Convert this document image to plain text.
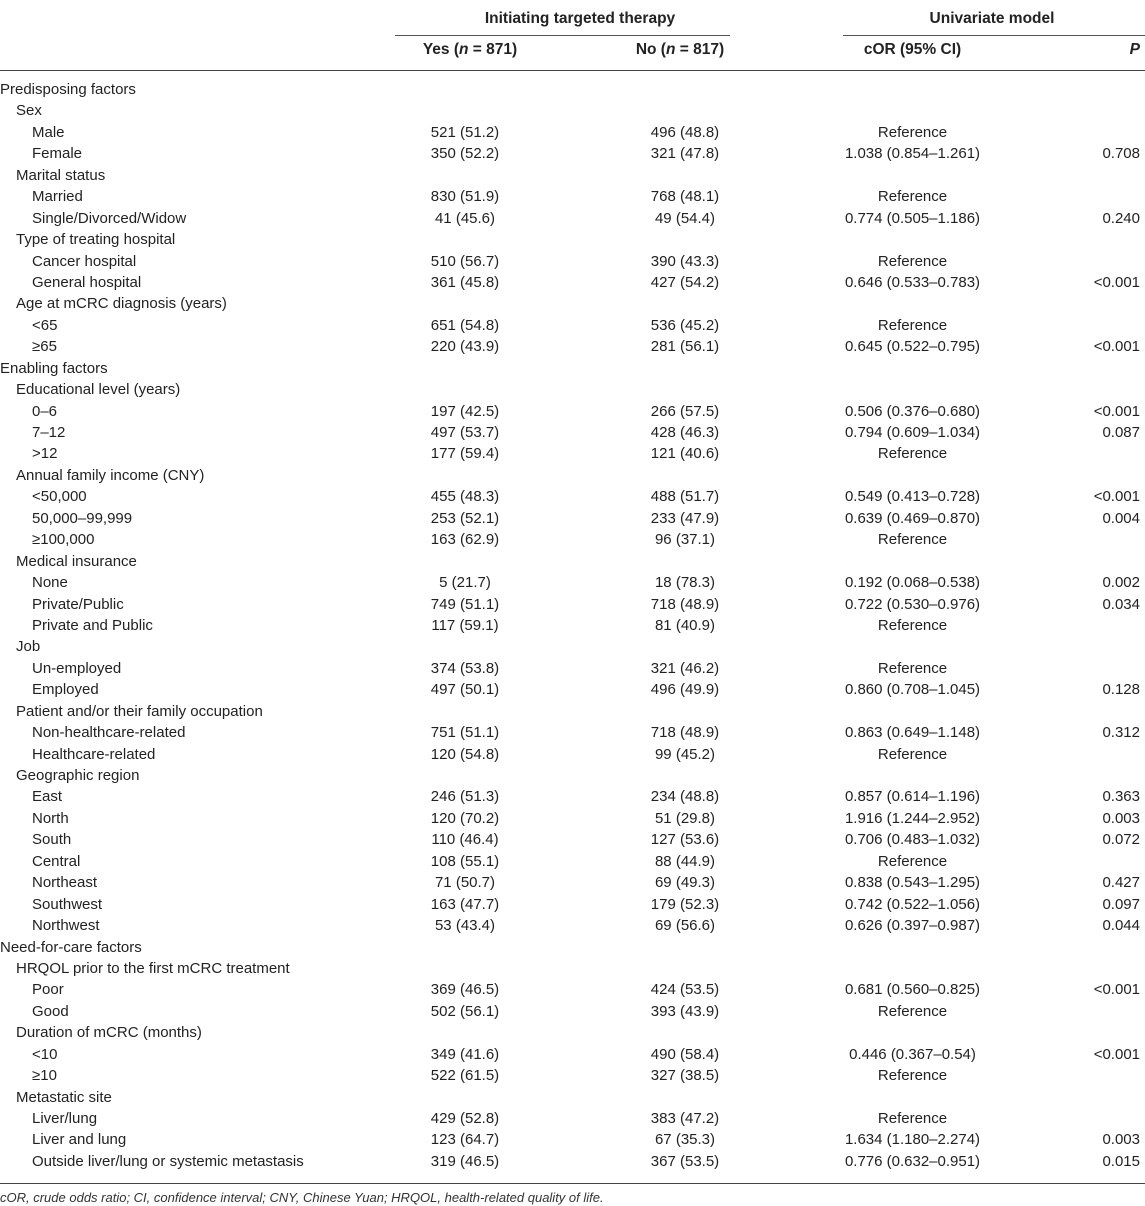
Initiating targeted therapy	Univariate model
Yes (n = 871)	No (n = 817)	cOR (95% CI)	P
Predisposing factors
Sex
Male	521 (51.2)	496 (48.8)	Reference
Female	350 (52.2)	321 (47.8)	1.038 (0.854–1.261)	0.708
Marital status
Married	830 (51.9)	768 (48.1)	Reference
Single/Divorced/Widow	41 (45.6)	49 (54.4)	0.774 (0.505–1.186)	0.240
Type of treating hospital
Cancer hospital	510 (56.7)	390 (43.3)	Reference
General hospital	361 (45.8)	427 (54.2)	0.646 (0.533–0.783)	<0.001
Age at mCRC diagnosis (years)
<65	651 (54.8)	536 (45.2)	Reference
≥65	220 (43.9)	281 (56.1)	0.645 (0.522–0.795)	<0.001
Enabling factors
Educational level (years)
0–6	197 (42.5)	266 (57.5)	0.506 (0.376–0.680)	<0.001
7–12	497 (53.7)	428 (46.3)	0.794 (0.609–1.034)	0.087
>12	177 (59.4)	121 (40.6)	Reference
Annual family income (CNY)
<50,000	455 (48.3)	488 (51.7)	0.549 (0.413–0.728)	<0.001
50,000–99,999	253 (52.1)	233 (47.9)	0.639 (0.469–0.870)	0.004
≥100,000	163 (62.9)	96 (37.1)	Reference
Medical insurance
None	5 (21.7)	18 (78.3)	0.192 (0.068–0.538)	0.002
Private/Public	749 (51.1)	718 (48.9)	0.722 (0.530–0.976)	0.034
Private and Public	117 (59.1)	81 (40.9)	Reference
Job
Un-employed	374 (53.8)	321 (46.2)	Reference
Employed	497 (50.1)	496 (49.9)	0.860 (0.708–1.045)	0.128
Patient and/or their family occupation
Non-healthcare-related	751 (51.1)	718 (48.9)	0.863 (0.649–1.148)	0.312
Healthcare-related	120 (54.8)	99 (45.2)	Reference
Geographic region
East	246 (51.3)	234 (48.8)	0.857 (0.614–1.196)	0.363
North	120 (70.2)	51 (29.8)	1.916 (1.244–2.952)	0.003
South	110 (46.4)	127 (53.6)	0.706 (0.483–1.032)	0.072
Central	108 (55.1)	88 (44.9)	Reference
Northeast	71 (50.7)	69 (49.3)	0.838 (0.543–1.295)	0.427
Southwest	163 (47.7)	179 (52.3)	0.742 (0.522–1.056)	0.097
Northwest	53 (43.4)	69 (56.6)	0.626 (0.397–0.987)	0.044
Need-for-care factors
HRQOL prior to the first mCRC treatment
Poor	369 (46.5)	424 (53.5)	0.681 (0.560–0.825)	<0.001
Good	502 (56.1)	393 (43.9)	Reference
Duration of mCRC (months)
<10	349 (41.6)	490 (58.4)	0.446 (0.367–0.54)	<0.001
≥10	522 (61.5)	327 (38.5)	Reference
Metastatic site
Liver/lung	429 (52.8)	383 (47.2)	Reference
Liver and lung	123 (64.7)	67 (35.3)	1.634 (1.180–2.274)	0.003
Outside liver/lung or systemic metastasis	319 (46.5)	367 (53.5)	0.776 (0.632–0.951)	0.015
cOR, crude odds ratio; CI, confidence interval; CNY, Chinese Yuan; HRQOL, health-related quality of life.
